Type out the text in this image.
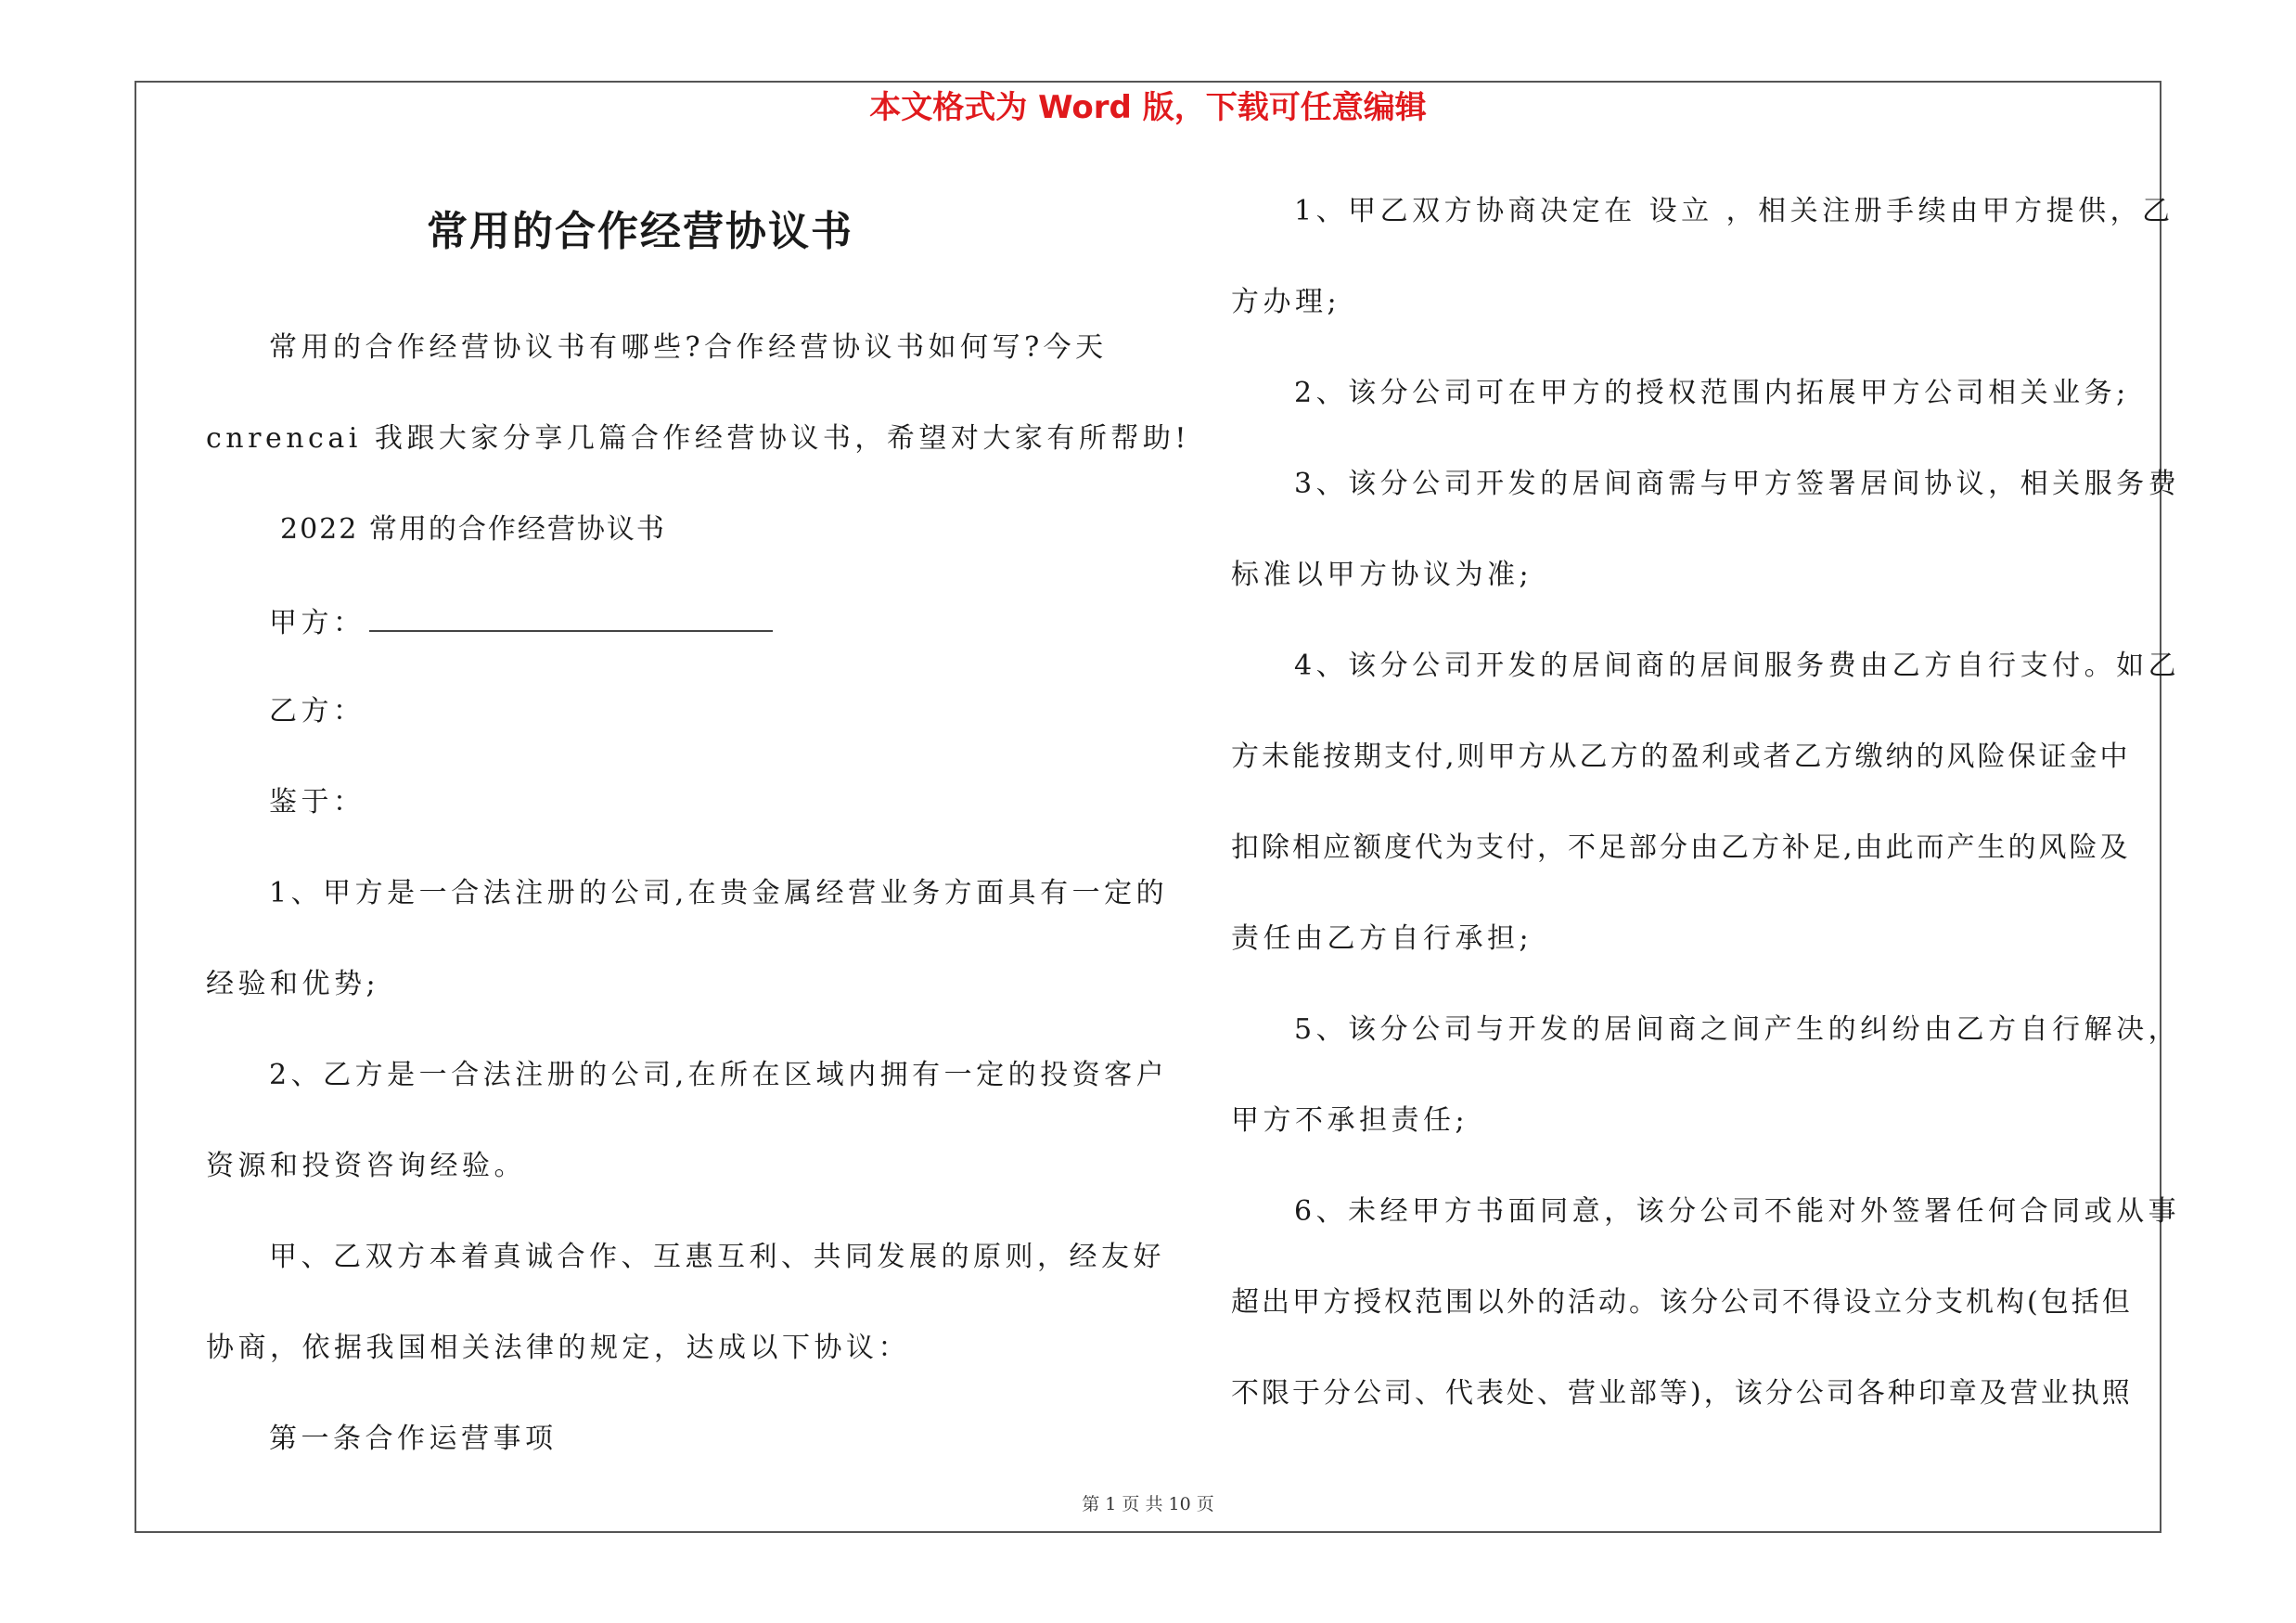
本文格式为 Word 版，下载可任意编辑
常用的合作经营协议书
常用的合作经营协议书有哪些?合作经营协议书如何写?今天
cnrencai 我跟大家分享几篇合作经营协议书，希望对大家有所帮助!
2022 常用的合作经营协议书
甲方：
乙方：
鉴于：
1、甲方是一合法注册的公司,在贵金属经营业务方面具有一定的
经验和优势;
2、乙方是一合法注册的公司,在所在区域内拥有一定的投资客户
资源和投资咨询经验。
甲、乙双方本着真诚合作、互惠互利、共同发展的原则，经友好
协商，依据我国相关法律的规定，达成以下协议：
第一条合作运营事项
1、甲乙双方协商决定在 设立 ，相关注册手续由甲方提供，乙
方办理;
2、该分公司可在甲方的授权范围内拓展甲方公司相关业务;
3、该分公司开发的居间商需与甲方签署居间协议，相关服务费
标准以甲方协议为准;
4、该分公司开发的居间商的居间服务费由乙方自行支付。如乙
方未能按期支付,则甲方从乙方的盈利或者乙方缴纳的风险保证金中
扣除相应额度代为支付，不足部分由乙方补足,由此而产生的风险及
责任由乙方自行承担;
5、该分公司与开发的居间商之间产生的纠纷由乙方自行解决，
甲方不承担责任;
6、未经甲方书面同意，该分公司不能对外签署任何合同或从事
超出甲方授权范围以外的活动。该分公司不得设立分支机构(包括但
不限于分公司、代表处、营业部等)，该分公司各种印章及营业执照
第 1 页 共 10 页
